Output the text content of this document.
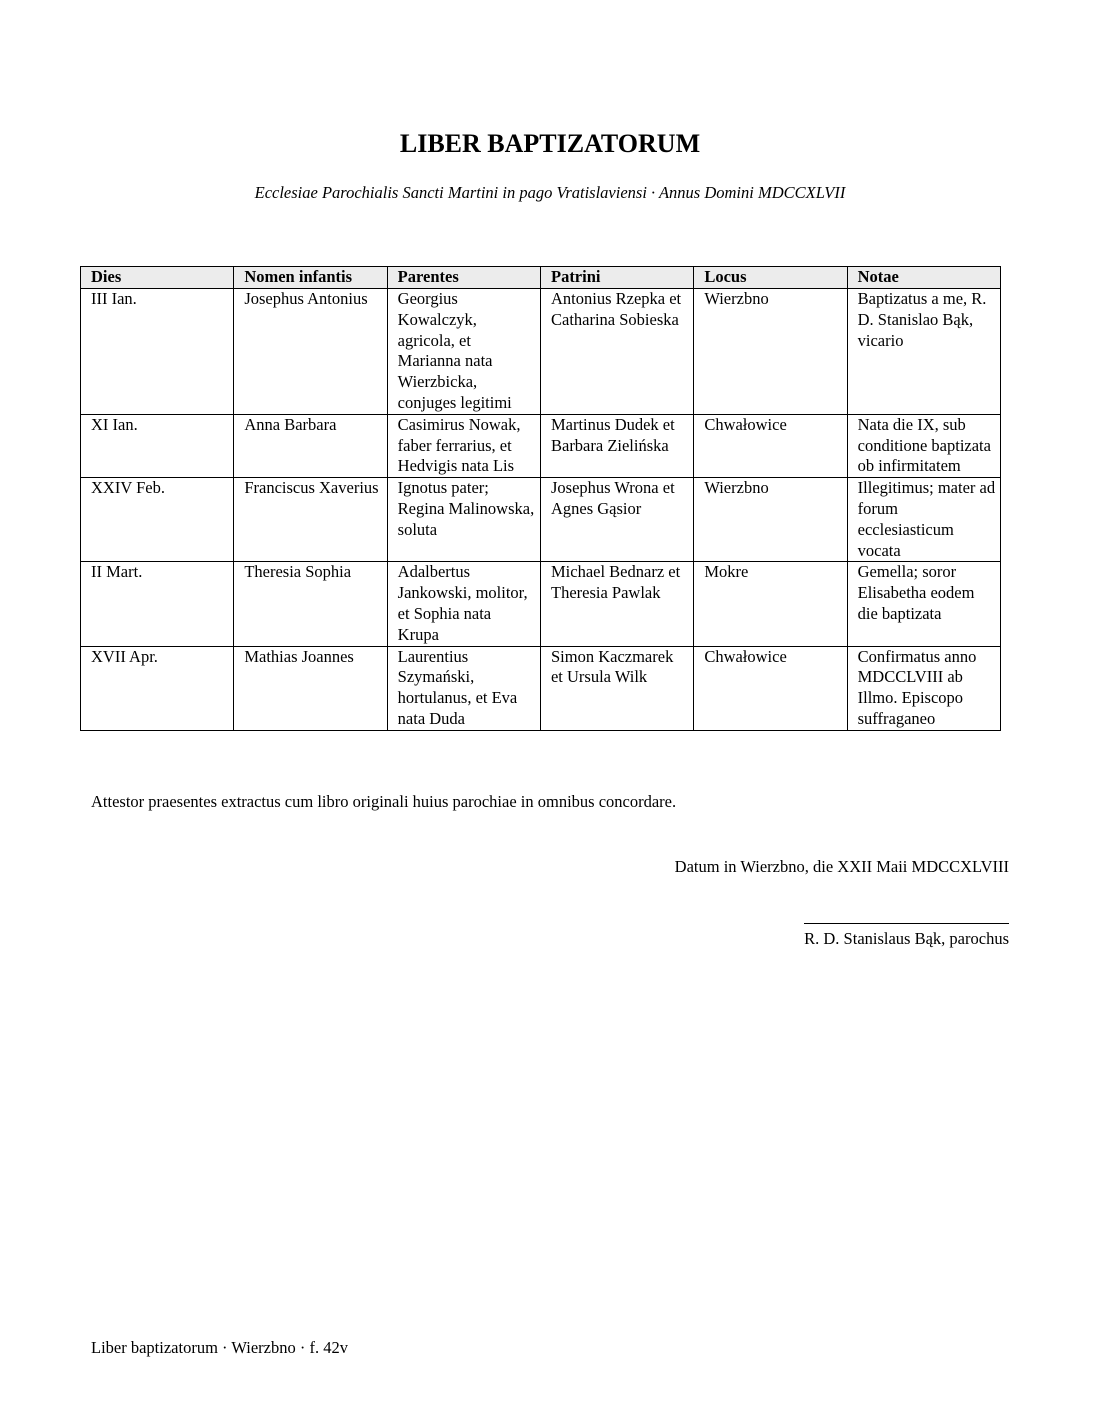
LIBER BAPTIZATORUM

Ecclesiae Parochialis Sancti Martini in pago Vratislaviensi · Annus Domini MDCCXLVII

Dies	Nomen infantis	Parentes	Patrini	Locus	Notae
III Ian.	Josephus Antonius	Georgius Kowalczyk, agricola, et Marianna nata Wierzbicka, conjuges legitimi	Antonius Rzepka et Catharina Sobieska	Wierzbno	Baptizatus a me, R. D. Stanislao Bąk, vicario
XI Ian.	Anna Barbara	Casimirus Nowak, faber ferrarius, et Hedvigis nata Lis	Martinus Dudek et Barbara Zielińska	Chwałowice	Nata die IX, sub conditione baptizata ob infirmitatem
XXIV Feb.	Franciscus Xaverius	Ignotus pater; Regina Malinowska, soluta	Josephus Wrona et Agnes Gąsior	Wierzbno	Illegitimus; mater ad forum ecclesiasticum vocata
II Mart.	Theresia Sophia	Adalbertus Jankowski, molitor, et Sophia nata Krupa	Michael Bednarz et Theresia Pawlak	Mokre	Gemella; soror Elisabetha eodem die baptizata
XVII Apr.	Mathias Joannes	Laurentius Szymański, hortulanus, et Eva nata Duda	Simon Kaczmarek et Ursula Wilk	Chwałowice	Confirmatus anno MDCCLVIII ab Illmo. Episcopo suffraganeo

Attestor praesentes extractus cum libro originali huius parochiae in omnibus concordare.

Datum in Wierzbno, die XXII Maii MDCCXLVIII

R. D. Stanislaus Bąk, parochus

Liber baptizatorum · Wierzbno · f. 42v
